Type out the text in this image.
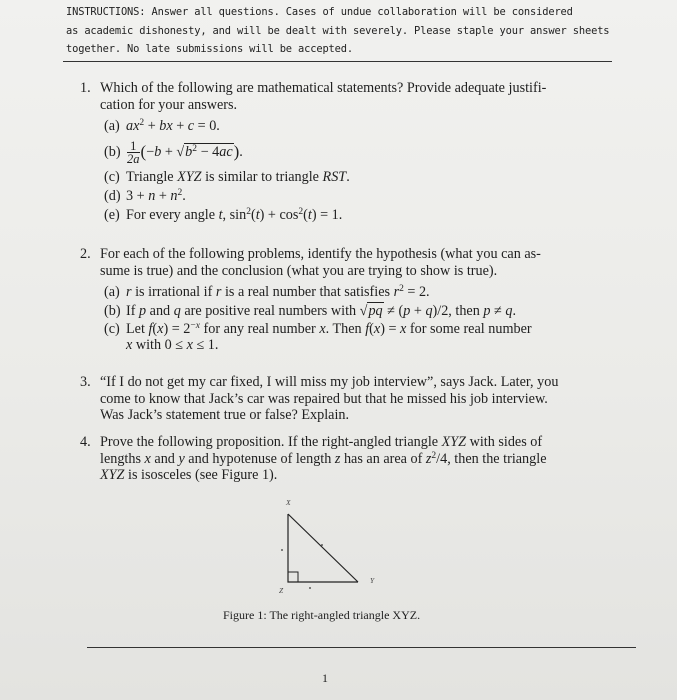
INSTRUCTIONS: Answer all questions. Cases of undue collaboration will be considered
as academic dishonesty, and will be dealt with severely. Please staple your answer sheets
together. No late submissions will be accepted.
1. Which of the following are mathematical statements? Provide adequate justifi-
cation for your answers.
(a) $ax^2$ + bx + c = 0.
$(b) \frac{1}{2a} (-b + √b^2 - 4ac)$.
(c) Triangle XYZ is similar to triangle RST.
(d) $3 + n + n^2$.
(e) For every angle t, $\sin^2(t) + \cos^2(t) = 1$.
2. For each of the following problems, identify the hypothesis (what you can as-
sume is true) and the conclusion (what you are trying to show is true).
(a) r is irrational if r is a real number that satisfies $r^2 = 2$.
(b) If p and q are positive real numbers with √pq ≠ (p + q)/2, then p ≠ q.
(c) Let $f(x) = 2^{-x}$ for any real number x. Then f(x) = x for some real number
x with 0 ≤ x ≤ 1.
3. “If I do not get my car fixed, I will miss my job interview”, says Jack. Later, you
come to know that Jack’s car was repaired but that he missed his job interview.
Was Jack’s statement true or false? Explain.
4. Prove the following proposition. If the right-angled triangle XYZ with sides of
lengths x and y and hypotenuse of length z has an area of $z^2/4$, then the triangle
XYZ is isosceles (see Figure 1).
X
Y
Z
Figure 1: The right-angled triangle XYZ.
1
